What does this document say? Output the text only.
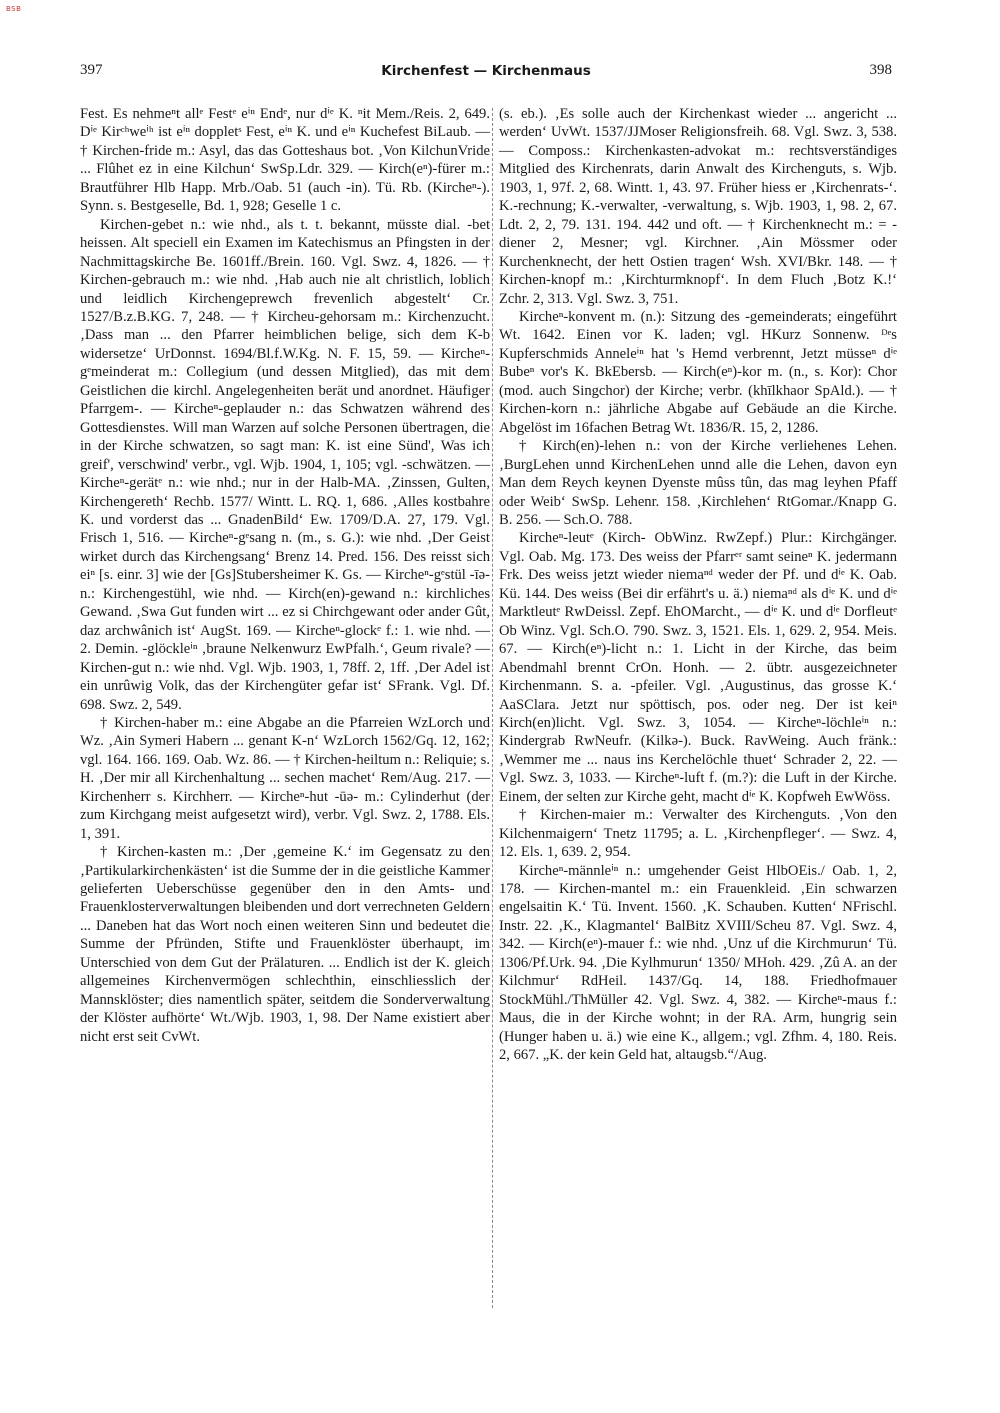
BSB
397	Kirchenfest — Kirchenmaus	398

Fest. Es nehmeⁿt allᵉ Festᵉ eⁱⁿ Endᵉ, nur dⁱᵉ K. ⁿit Mem./Reis. 2, 649. Dⁱᵉ Kirᶜʰweⁱʰ ist eⁱⁿ doppletˢ Fest, eⁱⁿ K. und eⁱⁿ Kuchefest BiLaub. — † Kirchen-fride m.: Asyl, das das Gotteshaus bot. ‚Von KilchunVride ... Flûhet ez in eine Kilchun‘ SwSp.Ldr. 329. — Kirch(eⁿ)-fürer m.: Brautführer Hlb Happ. Mrb./Oab. 51 (auch -in). Tü. Rb. (Kircheⁿ-). Synn. s. Bestgeselle, Bd. 1, 928; Geselle 1 c.

Kirchen-gebet n.: wie nhd., als t. t. bekannt, müsste dial. -bet heissen. Alt speciell ein Examen im Katechismus an Pfingsten in der Nachmittagskirche Be. 1601ff./Brein. 160. Vgl. Swz. 4, 1826. — † Kirchen-gebrauch m.: wie nhd. ‚Hab auch nie alt christlich, loblich und leidlich Kirchengeprewch frevenlich abgestelt‘ Cr. 1527/B.z.B.KG. 7, 248. — † Kircheu-gehorsam m.: Kirchenzucht. ‚Dass man ... den Pfarrer heimblichen belige, sich dem K-b widersetze‘ UrDonnst. 1694/Bl.f.W.Kg. N. F. 15, 59. — Kircheⁿ-gᵉmeinderat m.: Collegium (und dessen Mitglied), das mit dem Geistlichen die kirchl. Angelegenheiten berät und anordnet. Häufiger Pfarrgem-. — Kircheⁿ-geplauder n.: das Schwatzen während des Gottesdienstes. Will man Warzen auf solche Personen übertragen, die in der Kirche schwatzen, so sagt man: K. ist eine Sünd', Was ich greif', verschwind' verbr., vgl. Wjb. 1904, 1, 105; vgl. -schwätzen. — Kircheⁿ-gerätᵉ n.: wie nhd.; nur in der Halb-MA. ‚Zinssen, Gulten, Kirchengereth‘ Rechb. 1577/ Wintt. L. RQ. 1, 686. ‚Alles kostbahre K. und vorderst das ... GnadenBild‘ Ew. 1709/D.A. 27, 179. Vgl. Frisch 1, 516. — Kircheⁿ-gᵉsang n. (m., s. G.): wie nhd. ‚Der Geist wirket durch das Kirchengsang‘ Brenz 14. Pred. 156. Des reisst sich eiⁿ [s. einr. 3] wie der [Gs]Stubersheimer K. Gs. — Kircheⁿ-gᵉstül -īə- n.: Kirchengestühl, wie nhd. — Kirch(en)-gewand n.: kirchliches Gewand. ‚Swa Gut funden wirt ... ez si Chirchgewant oder ander Gût, daz archwânich ist‘ AugSt. 169. — Kircheⁿ-glockᵉ f.: 1. wie nhd. — 2. Demin. -glöckleⁱⁿ ‚braune Nelkenwurz EwPfalh.‘, Geum rivale? — Kirchen-gut n.: wie nhd. Vgl. Wjb. 1903, 1, 78ff. 2, 1ff. ‚Der Adel ist ein unrûwig Volk, das der Kirchengüter gefar ist‘ SFrank. Vgl. Df. 698. Swz. 2, 549.

† Kirchen-haber m.: eine Abgabe an die Pfarreien WzLorch und Wz. ‚Ain Symeri Habern ... genant K-n‘ WzLorch 1562/Gq. 12, 162; vgl. 164. 166. 169. Oab. Wz. 86. — † Kirchen-heiltum n.: Reliquie; s. H. ‚Der mir all Kirchenhaltung ... sechen machet‘ Rem/Aug. 217. — Kirchenherr s. Kirchherr. — Kircheⁿ-hut -ūə- m.: Cylinderhut (der zum Kirchgang meist aufgesetzt wird), verbr. Vgl. Swz. 2, 1788. Els. 1, 391.

† Kirchen-kasten m.: ‚Der ‚gemeine K.‘ im Gegensatz zu den ‚Partikularkirchenkästen‘ ist die Summe der in die geistliche Kammer gelieferten Ueberschüsse gegenüber den in den Amts- und Frauenklosterverwaltungen bleibenden und dort verrechneten Geldern ... Daneben hat das Wort noch einen weiteren Sinn und bedeutet die Summe der Pfründen, Stifte und Frauenklöster überhaupt, im Unterschied von dem Gut der Prälaturen. ... Endlich ist der K. gleich allgemeines Kirchenvermögen schlechthin, einschliesslich der Mannsklöster; dies namentlich später, seitdem die Sonderverwaltung der Klöster aufhörte‘ Wt./Wjb. 1903, 1, 98. Der Name existiert aber nicht erst seit CvWt.

(s. eb.). ‚Es solle auch der Kirchenkast wieder ... angericht ... werden‘ UvWt. 1537/JJMoser Religionsfreih. 68. Vgl. Swz. 3, 538. — Composs.: Kirchenkasten-advokat m.: rechtsverständiges Mitglied des Kirchenrats, darin Anwalt des Kirchenguts, s. Wjb. 1903, 1, 97f. 2, 68. Wintt. 1, 43. 97. Früher hiess er ‚Kirchenrats-‘. K.-rechnung; K.-verwalter, -verwaltung, s. Wjb. 1903, 1, 98. 2, 67. Ldt. 2, 2, 79. 131. 194. 442 und oft. — † Kirchenknecht m.: = -diener 2, Mesner; vgl. Kirchner. ‚Ain Mössmer oder Kurchenknecht, der hett Ostien tragen‘ Wsh. XVI/Bkr. 148. — † Kirchen-knopf m.: ‚Kirchturmknopf‘. In dem Fluch ‚Botz K.!‘ Zchr. 2, 313. Vgl. Swz. 3, 751.

Kircheⁿ-konvent m. (n.): Sitzung des -gemeinderats; eingeführt Wt. 1642. Einen vor K. laden; vgl. HKurz Sonnenw. ᴰᵉs Kupferschmids Anneleⁱⁿ hat 's Hemd verbrennt, Jetzt müsseⁿ dⁱᵉ Bubeⁿ vor's K. BkEbersb. — Kirch(eⁿ)-kor m. (n., s. Kor): Chor (mod. auch Singchor) der Kirche; verbr. (khīlkhaor SpAld.). — † Kirchen-korn n.: jährliche Abgabe auf Gebäude an die Kirche. Abgelöst im 16fachen Betrag Wt. 1836/R. 15, 2, 1286.

† Kirch(en)-lehen n.: von der Kirche verliehenes Lehen. ‚BurgLehen unnd KirchenLehen unnd alle die Lehen, davon eyn Man dem Reych keynen Dyenste mûss tûn, das mag leyhen Pfaff oder Weib‘ SwSp. Lehenr. 158. ‚Kirchlehen‘ RtGomar./Knapp G. B. 256. — Sch.O. 788.

Kircheⁿ-leutᵉ (Kirch- ObWinz. RwZepf.) Plur.: Kirchgänger. Vgl. Oab. Mg. 173. Des weiss der Pfarrᵉʳ samt seineⁿ K. jedermann Frk. Des weiss jetzt wieder niemaⁿᵈ weder der Pf. und dⁱᵉ K. Oab. Kü. 144. Des weiss (Bei dir erfährt's u. ä.) niemaⁿᵈ als dⁱᵉ K. und dⁱᵉ Marktleutᵉ RwDeissl. Zepf. EhOMarcht., — dⁱᵉ K. und dⁱᵉ Dorfleutᵉ Ob Winz. Vgl. Sch.O. 790. Swz. 3, 1521. Els. 1, 629. 2, 954. Meis. 67. — Kirch(eⁿ)-licht n.: 1. Licht in der Kirche, das beim Abendmahl brennt CrOn. Honh. — 2. übtr. ausgezeichneter Kirchenmann. S. a. -pfeiler. Vgl. ‚Augustinus, das grosse K.‘ AaSClara. Jetzt nur spöttisch, pos. oder neg. Der ist keiⁿ Kirch(en)licht. Vgl. Swz. 3, 1054. — Kircheⁿ-löchleⁱⁿ n.: Kindergrab RwNeufr. (Kilkə-). Buck. RavWeing. Auch fränk.: ‚Wemmer me ... naus ins Kerchelöchle thuet‘ Schrader 2, 22. — Vgl. Swz. 3, 1033. — Kircheⁿ-luft f. (m.?): die Luft in der Kirche. Einem, der selten zur Kirche geht, macht dⁱᵉ K. Kopfweh EwWöss.

† Kirchen-maier m.: Verwalter des Kirchenguts. ‚Von den Kilchenmaigern‘ Tnetz 11795; a. L. ‚Kirchenpfleger‘. — Swz. 4, 12. Els. 1, 639. 2, 954.

Kircheⁿ-männleⁱⁿ n.: umgehender Geist HlbOEis./ Oab. 1, 2, 178. — Kirchen-mantel m.: ein Frauenkleid. ‚Ein schwarzen engelsaitin K.‘ Tü. Invent. 1560. ‚K. Schauben. Kutten‘ NFrischl. Instr. 22. ‚K., Klagmantel‘ BalBitz XVIII/Scheu 87. Vgl. Swz. 4, 342. — Kirch(eⁿ)-mauer f.: wie nhd. ‚Unz uf die Kirchmurun‘ Tü. 1306/Pf.Urk. 94. ‚Die Kylhmurun‘ 1350/ MHoh. 429. ‚Zû A. an der Kilchmur‘ RdHeil. 1437/Gq. 14, 188. Friedhofmauer StockMühl./ThMüller 42. Vgl. Swz. 4, 382. — Kircheⁿ-maus f.: Maus, die in der Kirche wohnt; in der RA. Arm, hungrig sein (Hunger haben u. ä.) wie eine K., allgem.; vgl. Zfhm. 4, 180. Reis. 2, 667. „K. der kein Geld hat, altaugsb.“/Aug.
